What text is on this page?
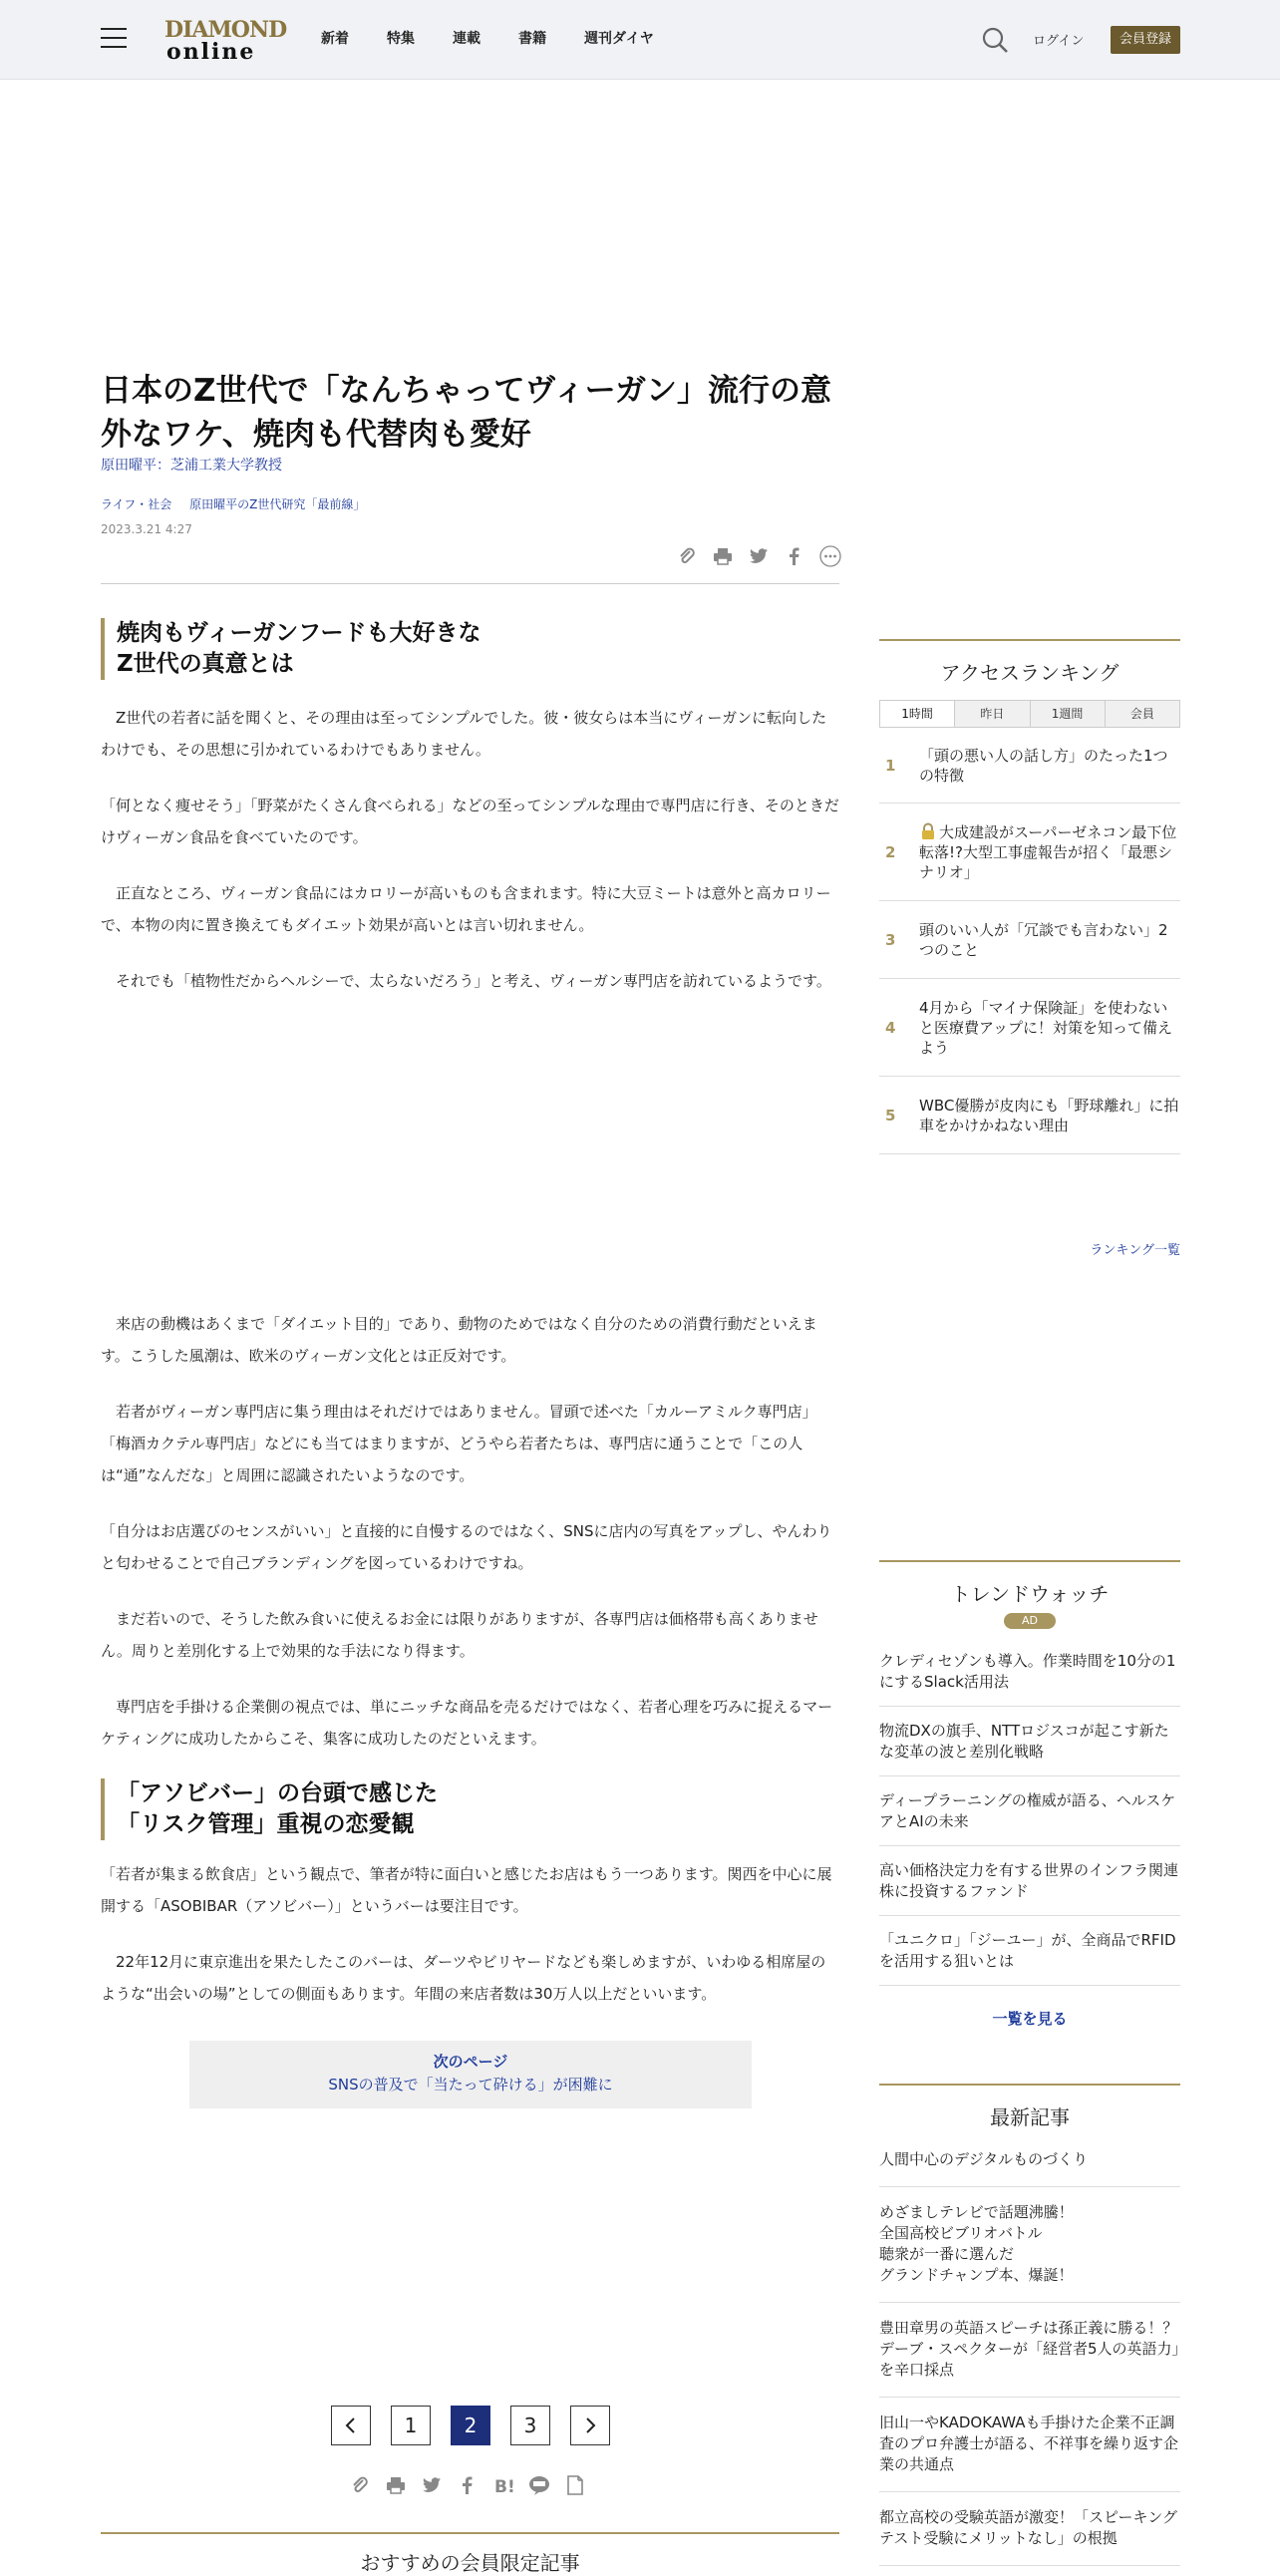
DIAMOND
online	新着	特集	連載	書籍	週刊ダイヤ	ログイン	会員登録
日本のZ世代で「なんちゃってヴィーガン」流行の意外なワケ、焼肉も代替肉も愛好
原田曜平：芝浦工業大学教授
ライフ・社会 原田曜平のZ世代研究「最前線」
2023.3.21 4:27
焼肉もヴィーガンフードも大好きな
Z世代の真意とは

Z世代の若者に話を聞くと、その理由は至ってシンプルでした。彼・彼女らは本当にヴィーガンに転向したわけでも、その思想に引かれているわけでもありません。

「何となく痩せそう」「野菜がたくさん食べられる」などの至ってシンプルな理由で専門店に行き、そのときだけヴィーガン食品を食べていたのです。

正直なところ、ヴィーガン食品にはカロリーが高いものも含まれます。特に大豆ミートは意外と高カロリーで、本物の肉に置き換えてもダイエット効果が高いとは言い切れません。

それでも「植物性だからヘルシーで、太らないだろう」と考え、ヴィーガン専門店を訪れているようです。

来店の動機はあくまで「ダイエット目的」であり、動物のためではなく自分のための消費行動だといえます。こうした風潮は、欧米のヴィーガン文化とは正反対です。

若者がヴィーガン専門店に集う理由はそれだけではありません。冒頭で述べた「カルーアミルク専門店」「梅酒カクテル専門店」などにも当てはまりますが、どうやら若者たちは、専門店に通うことで「この人は“通”なんだな」と周囲に認識されたいようなのです。

「自分はお店選びのセンスがいい」と直接的に自慢するのではなく、SNSに店内の写真をアップし、やんわりと匂わせることで自己ブランディングを図っているわけですね。

まだ若いので、そうした飲み食いに使えるお金には限りがありますが、各専門店は価格帯も高くありません。周りと差別化する上で効果的な手法になり得ます。

専門店を手掛ける企業側の視点では、単にニッチな商品を売るだけではなく、若者心理を巧みに捉えるマーケティングに成功したからこそ、集客に成功したのだといえます。

「アソビバー」の台頭で感じた
「リスク管理」重視の恋愛観

「若者が集まる飲食店」という観点で、筆者が特に面白いと感じたお店はもう一つあります。関西を中心に展開する「ASOBIBAR（アソビバー）」というバーは要注目です。

22年12月に東京進出を果たしたこのバーは、ダーツやビリヤードなども楽しめますが、いわゆる相席屋のような“出会いの場”としての側面もあります。年間の来店者数は30万人以上だといいます。

次のページ
SNSの普及で「当たって砕ける」が困難に
1	2	3
B!
おすすめの会員限定記事
アクセスランキング
1時間	昨日	1週間	会員
1
「頭の悪い人の話し方」のたった1つの特徴
2
大成建設がスーパーゼネコン最下位転落!?大型工事虚報告が招く「最悪シナリオ」
3
頭のいい人が「冗談でも言わない」2つのこと
4
4月から「マイナ保険証」を使わないと医療費アップに！対策を知って備えよう
5
WBC優勝が皮肉にも「野球離れ」に拍車をかけかねない理由
ランキング一覧
トレンドウォッチ
AD
クレディセゾンも導入。作業時間を10分の1にするSlack活用法
物流DXの旗手、NTTロジスコが起こす新たな変革の波と差別化戦略
ディープラーニングの権威が語る、ヘルスケアとAIの未来
高い価格決定力を有する世界のインフラ関連株に投資するファンド
「ユニクロ」「ジーユー」が、全商品でRFIDを活用する狙いとは
一覧を見る
最新記事
人間中心のデジタルものづくり
めざましテレビで話題沸騰！
全国高校ビブリオバトル
聴衆が一番に選んだ
グランドチャンプ本、爆誕！
豊田章男の英語スピーチは孫正義に勝る！？デーブ・スペクターが「経営者5人の英語力」を辛口採点
旧山一やKADOKAWAも手掛けた企業不正調査のプロ弁護士が語る、不祥事を繰り返す企業の共通点
都立高校の受験英語が激変！「スピーキングテスト受験にメリットなし」の根拠
